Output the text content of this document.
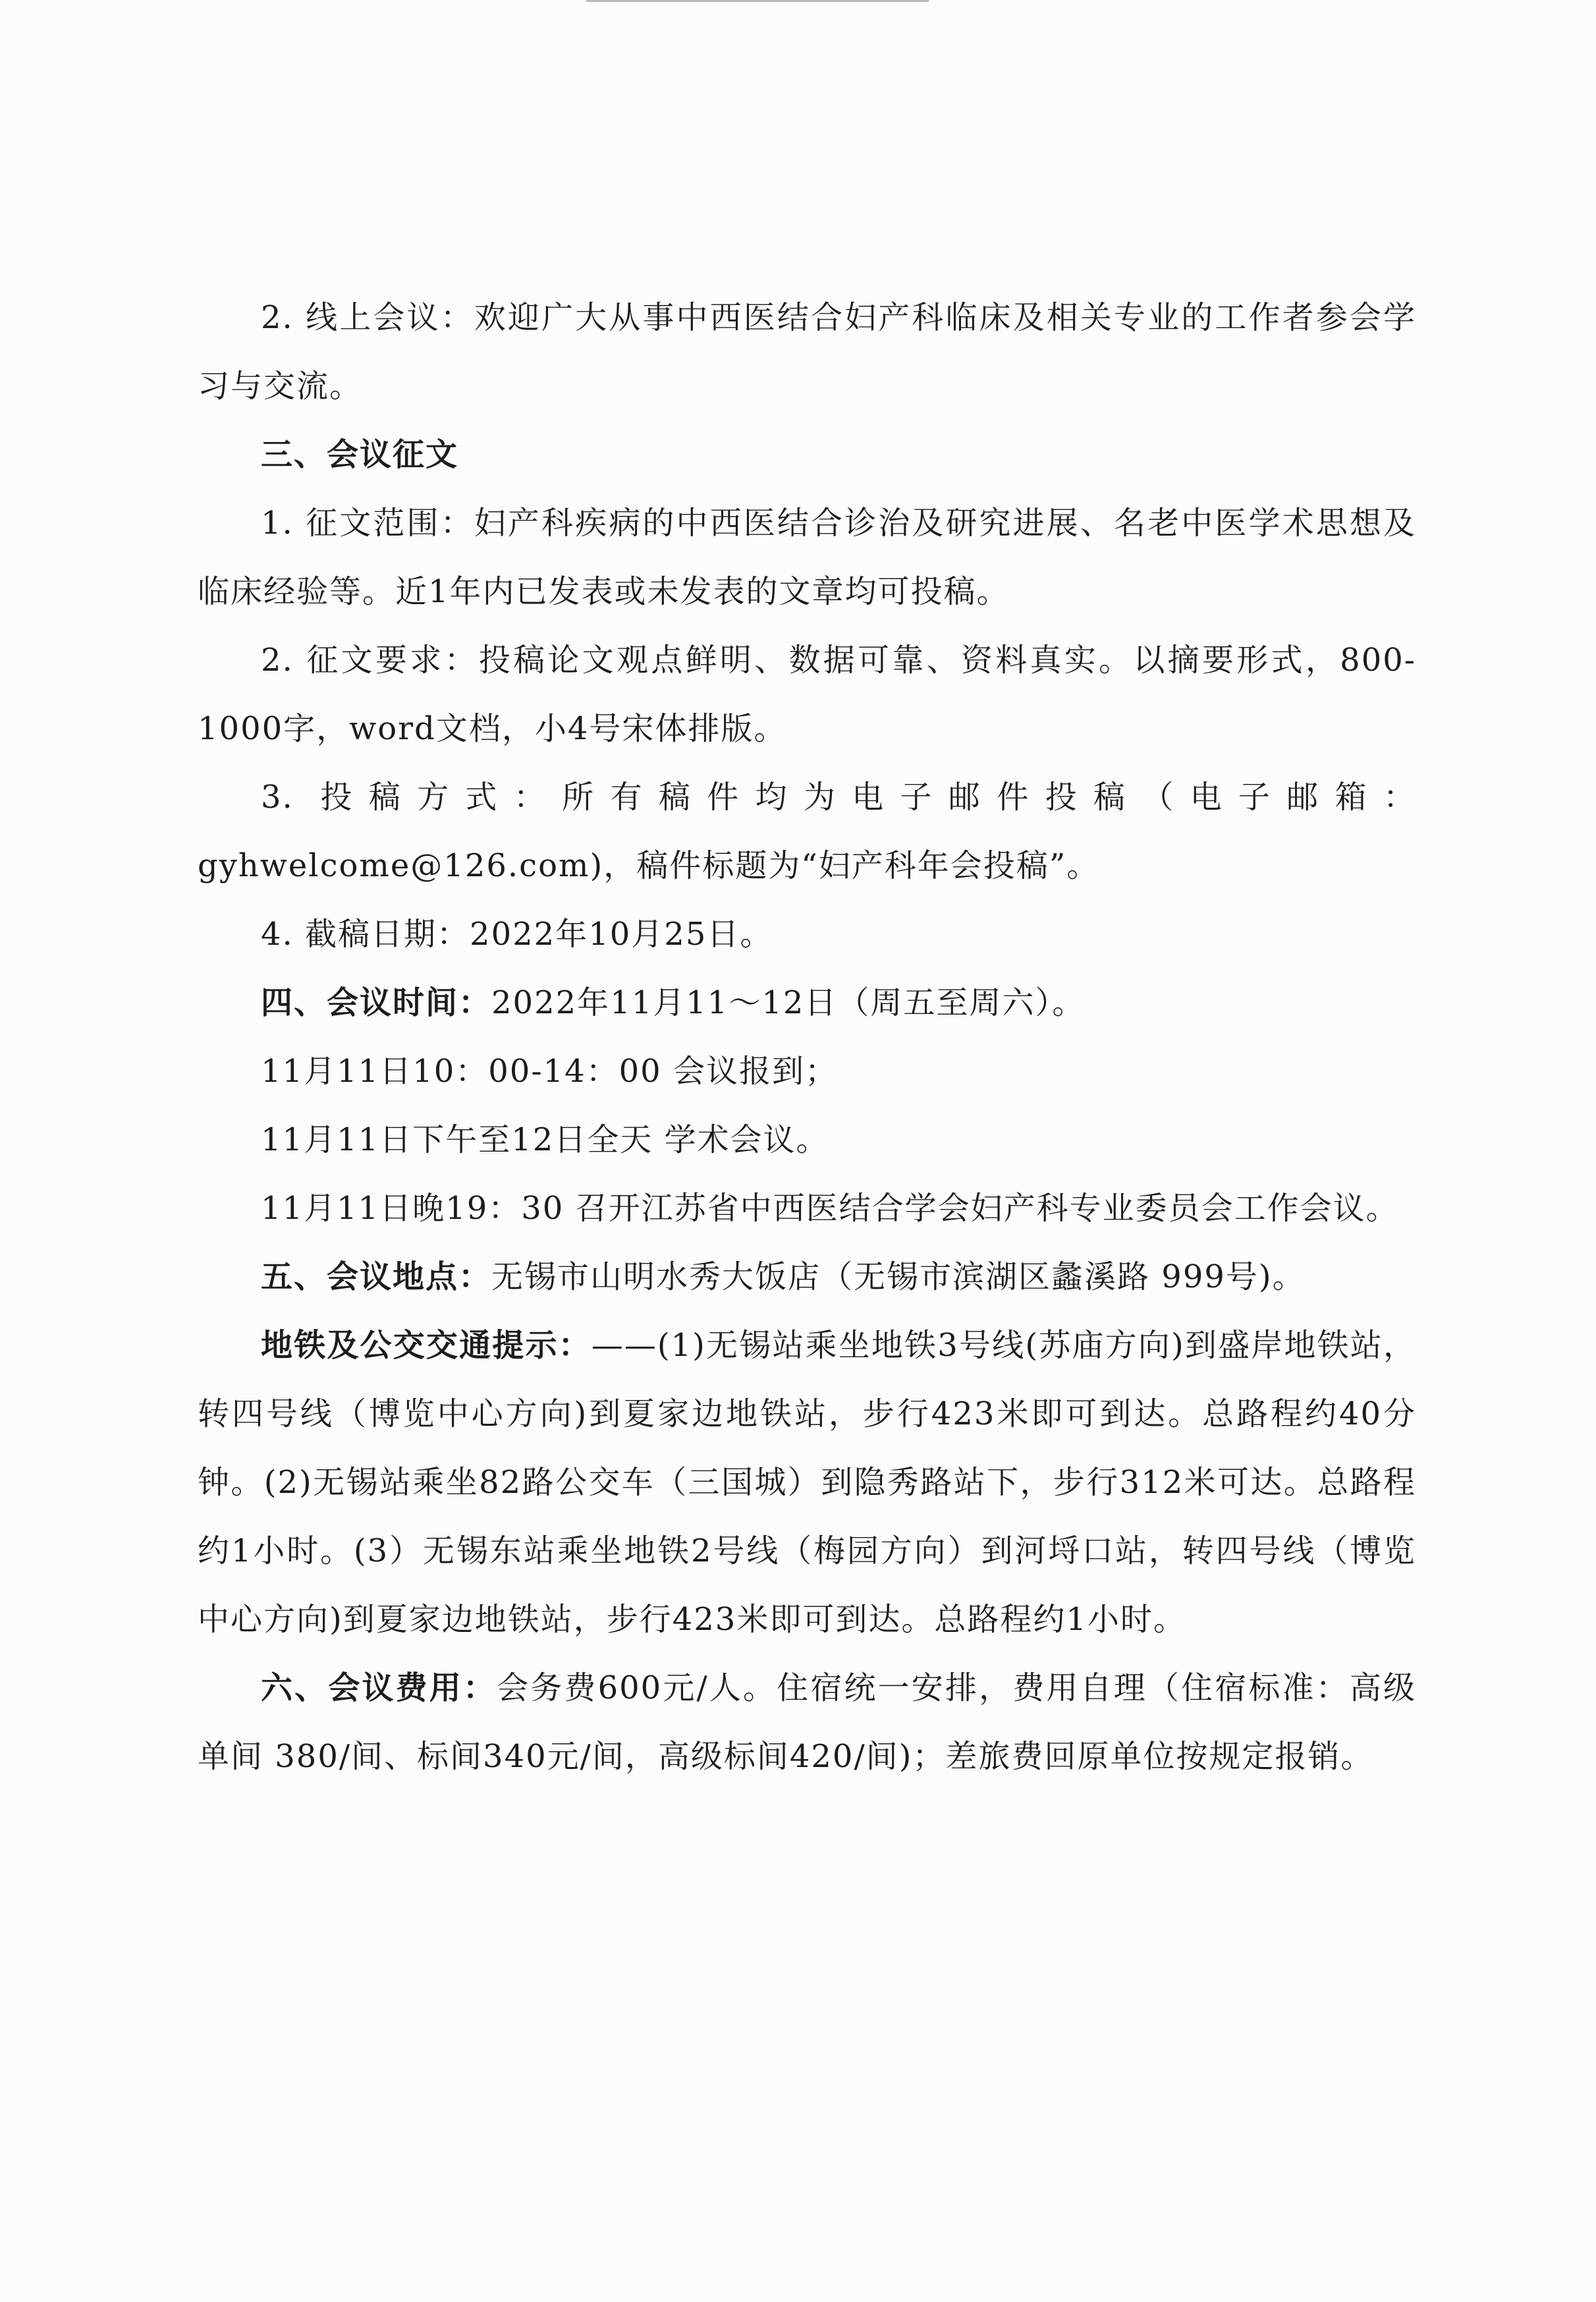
2. 线上会议：欢迎广大从事中西医结合妇产科临床及相关专业的工作者参会学习与交流。

三、会议征文

1. 征文范围：妇产科疾病的中西医结合诊治及研究进展、名老中医学术思想及临床经验等。近1年内已发表或未发表的文章均可投稿。

2. 征文要求：投稿论文观点鲜明、数据可靠、资料真实。以摘要形式，800-1000字，word文档，小4号宋体排版。

3. 投稿方式：所有稿件均为电子邮件投稿（电子邮箱：gyhwelcome@126.com)，稿件标题为“妇产科年会投稿”。

4. 截稿日期：2022年10月25日。

四、会议时间：2022年11月11～12日（周五至周六）。

11月11日10：00-14：00 会议报到；

11月11日下午至12日全天 学术会议。

11月11日晚19：30 召开江苏省中西医结合学会妇产科专业委员会工作会议。

五、会议地点：无锡市山明水秀大饭店（无锡市滨湖区蠡溪路 999号)。

地铁及公交交通提示：——(1)无锡站乘坐地铁3号线(苏庙方向)到盛岸地铁站，转四号线（博览中心方向)到夏家边地铁站，步行423米即可到达。总路程约40分钟。(2)无锡站乘坐82路公交车（三国城）到隐秀路站下，步行312米可达。总路程约1小时。(3）无锡东站乘坐地铁2号线（梅园方向）到河埒口站，转四号线（博览中心方向)到夏家边地铁站，步行423米即可到达。总路程约1小时。

六、会议费用：会务费600元/人。住宿统一安排，费用自理（住宿标准：高级单间 380/间、标间340元/间，高级标间420/间)；差旅费回原单位按规定报销。
